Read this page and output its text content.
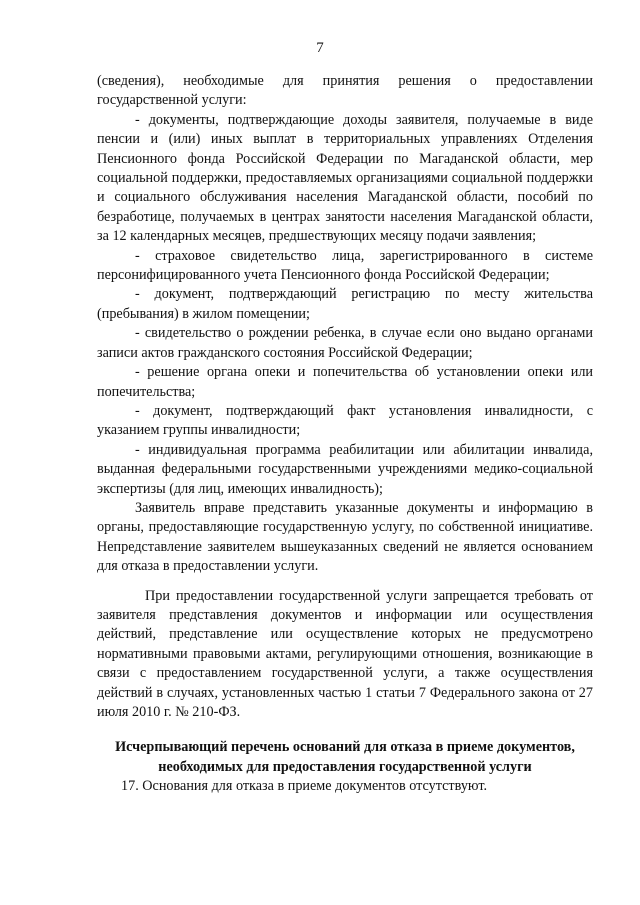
7

(сведения), необходимые для принятия решения о предоставлении государственной услуги:

- документы, подтверждающие доходы заявителя, получаемые в виде пенсии и (или) иных выплат в территориальных управлениях Отделения Пенсионного фонда Российской Федерации по Магаданской области, мер социальной поддержки, предоставляемых организациями социальной поддержки и социального обслуживания населения Магаданской области, пособий по безработице, получаемых в центрах занятости населения Магаданской области, за 12 календарных месяцев, предшествующих месяцу подачи заявления;

- страховое свидетельство лица, зарегистрированного в системе персонифицированного учета Пенсионного фонда Российской Федерации;

- документ, подтверждающий регистрацию по месту жительства (пребывания) в жилом помещении;

- свидетельство о рождении ребенка, в случае если оно выдано органами записи актов гражданского состояния Российской Федерации;

- решение органа опеки и попечительства об установлении опеки или попечительства;

- документ, подтверждающий факт установления инвалидности, с указанием группы инвалидности;

- индивидуальная программа реабилитации или абилитации инвалида, выданная федеральными государственными учреждениями медико-социальной экспертизы (для лиц, имеющих инвалидность);

Заявитель вправе представить указанные документы и информацию в органы, предоставляющие государственную услугу, по собственной инициативе. Непредставление заявителем вышеуказанных сведений не является основанием для отказа в предоставлении услуги.

При предоставлении государственной услуги запрещается требовать от заявителя представления документов и информации или осуществления действий, представление или осуществление которых не предусмотрено нормативными правовыми актами, регулирующими отношения, возникающие в связи с предоставлением государственной услуги, а также осуществления действий в случаях, установленных частью 1 статьи 7 Федерального закона от 27 июля 2010 г. № 210-ФЗ.

Исчерпывающий перечень оснований для отказа в приеме документов,
необходимых для предоставления государственной услуги

17. Основания для отказа в приеме документов отсутствуют.
